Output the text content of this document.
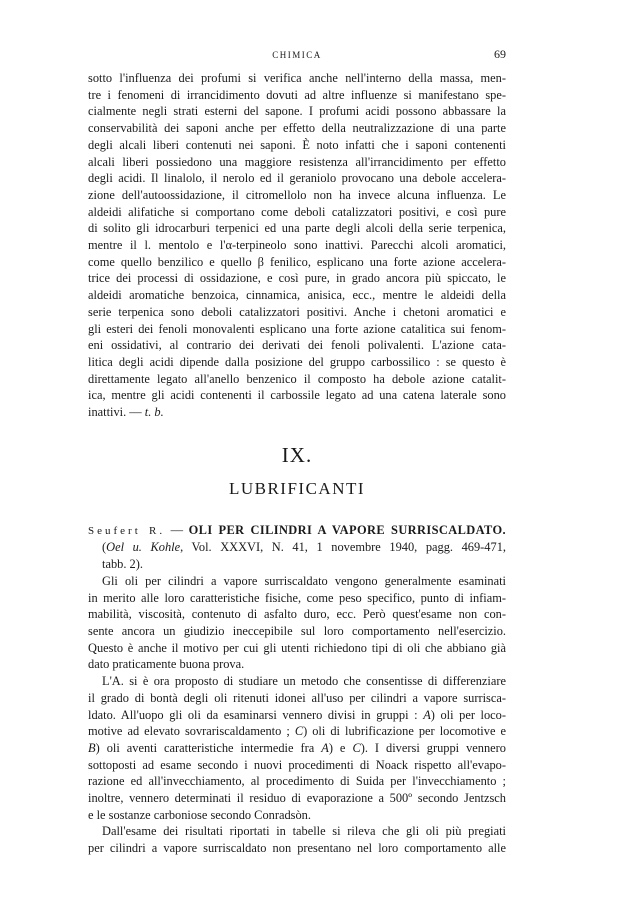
CHIMICA	69
sotto l'influenza dei profumi si verifica anche nell'interno della massa, men-
tre i fenomeni di irrancidimento dovuti ad altre influenze si manifestano spe-
cialmente negli strati esterni del sapone. I profumi acidi possono abbassare la
conservabilità dei saponi anche per effetto della neutralizzazione di una parte
degli alcali liberi contenuti nei saponi. È noto infatti che i saponi contenenti
alcali liberi possiedono una maggiore resistenza all'irrancidimento per effetto
degli acidi. Il linalolo, il nerolo ed il geraniolo provocano una debole accelera-
zione dell'autoossidazione, il citromellolo non ha invece alcuna influenza. Le
aldeidi alifatiche si comportano come deboli catalizzatori positivi, e così pure
di solito gli idrocarburi terpenici ed una parte degli alcoli della serie terpenica,
mentre il l. mentolo e l'α-terpineolo sono inattivi. Parecchi alcoli aromatici,
come quello benzilico e quello β fenilico, esplicano una forte azione accelera-
trice dei processi di ossidazione, e così pure, in grado ancora più spiccato, le
aldeidi aromatiche benzoica, cinnamica, anisica, ecc., mentre le aldeidi della
serie terpenica sono deboli catalizzatori positivi. Anche i chetoni aromatici e
gli esteri dei fenoli monovalenti esplicano una forte azione catalitica sui fenom-
eni ossidativi, al contrario dei derivati dei fenoli polivalenti. L'azione cata-
litica degli acidi dipende dalla posizione del gruppo carbossilico : se questo è
direttamente legato all'anello benzenico il composto ha debole azione catalit-
ica, mentre gli acidi contenenti il carbossile legato ad una catena laterale sono
inattivi. — t. b.
IX.
LUBRIFICANTI
Seufert R. — OLI PER CILINDRI A VAPORE SURRISCALDATO.
(Oel u. Kohle, Vol. XXXVI, N. 41, 1 novembre 1940, pagg. 469-471,
tabb. 2).
Gli oli per cilindri a vapore surriscaldato vengono generalmente esaminati
in merito alle loro caratteristiche fisiche, come peso specifico, punto di infiam-
mabilità, viscosità, contenuto di asfalto duro, ecc. Però quest'esame non con-
sente ancora un giudizio ineccepibile sul loro comportamento nell'esercizio.
Questo è anche il motivo per cui gli utenti richiedono tipi di oli che abbiano già
dato praticamente buona prova.
L'A. si è ora proposto di studiare un metodo che consentisse di differenziare
il grado di bontà degli oli ritenuti idonei all'uso per cilindri a vapore surrisca-
ldato. All'uopo gli oli da esaminarsi vennero divisi in gruppi : A) oli per loco-
motive ad elevato sovrariscaldamento ; C) oli di lubrificazione per locomotive e
B) oli aventi caratteristiche intermedie fra A) e C). I diversi gruppi vennero
sottoposti ad esame secondo i nuovi procedimenti di Noack rispetto all'evapo-
razione ed all'invecchiamento, al procedimento di Suida per l'invecchiamento ;
inoltre, vennero determinati il residuo di evaporazione a 500º secondo Jentzsch
e le sostanze carboniose secondo Conradsòn.
Dall'esame dei risultati riportati in tabelle si rileva che gli oli più pregiati
per cilindri a vapore surriscaldato non presentano nel loro comportamento alle
